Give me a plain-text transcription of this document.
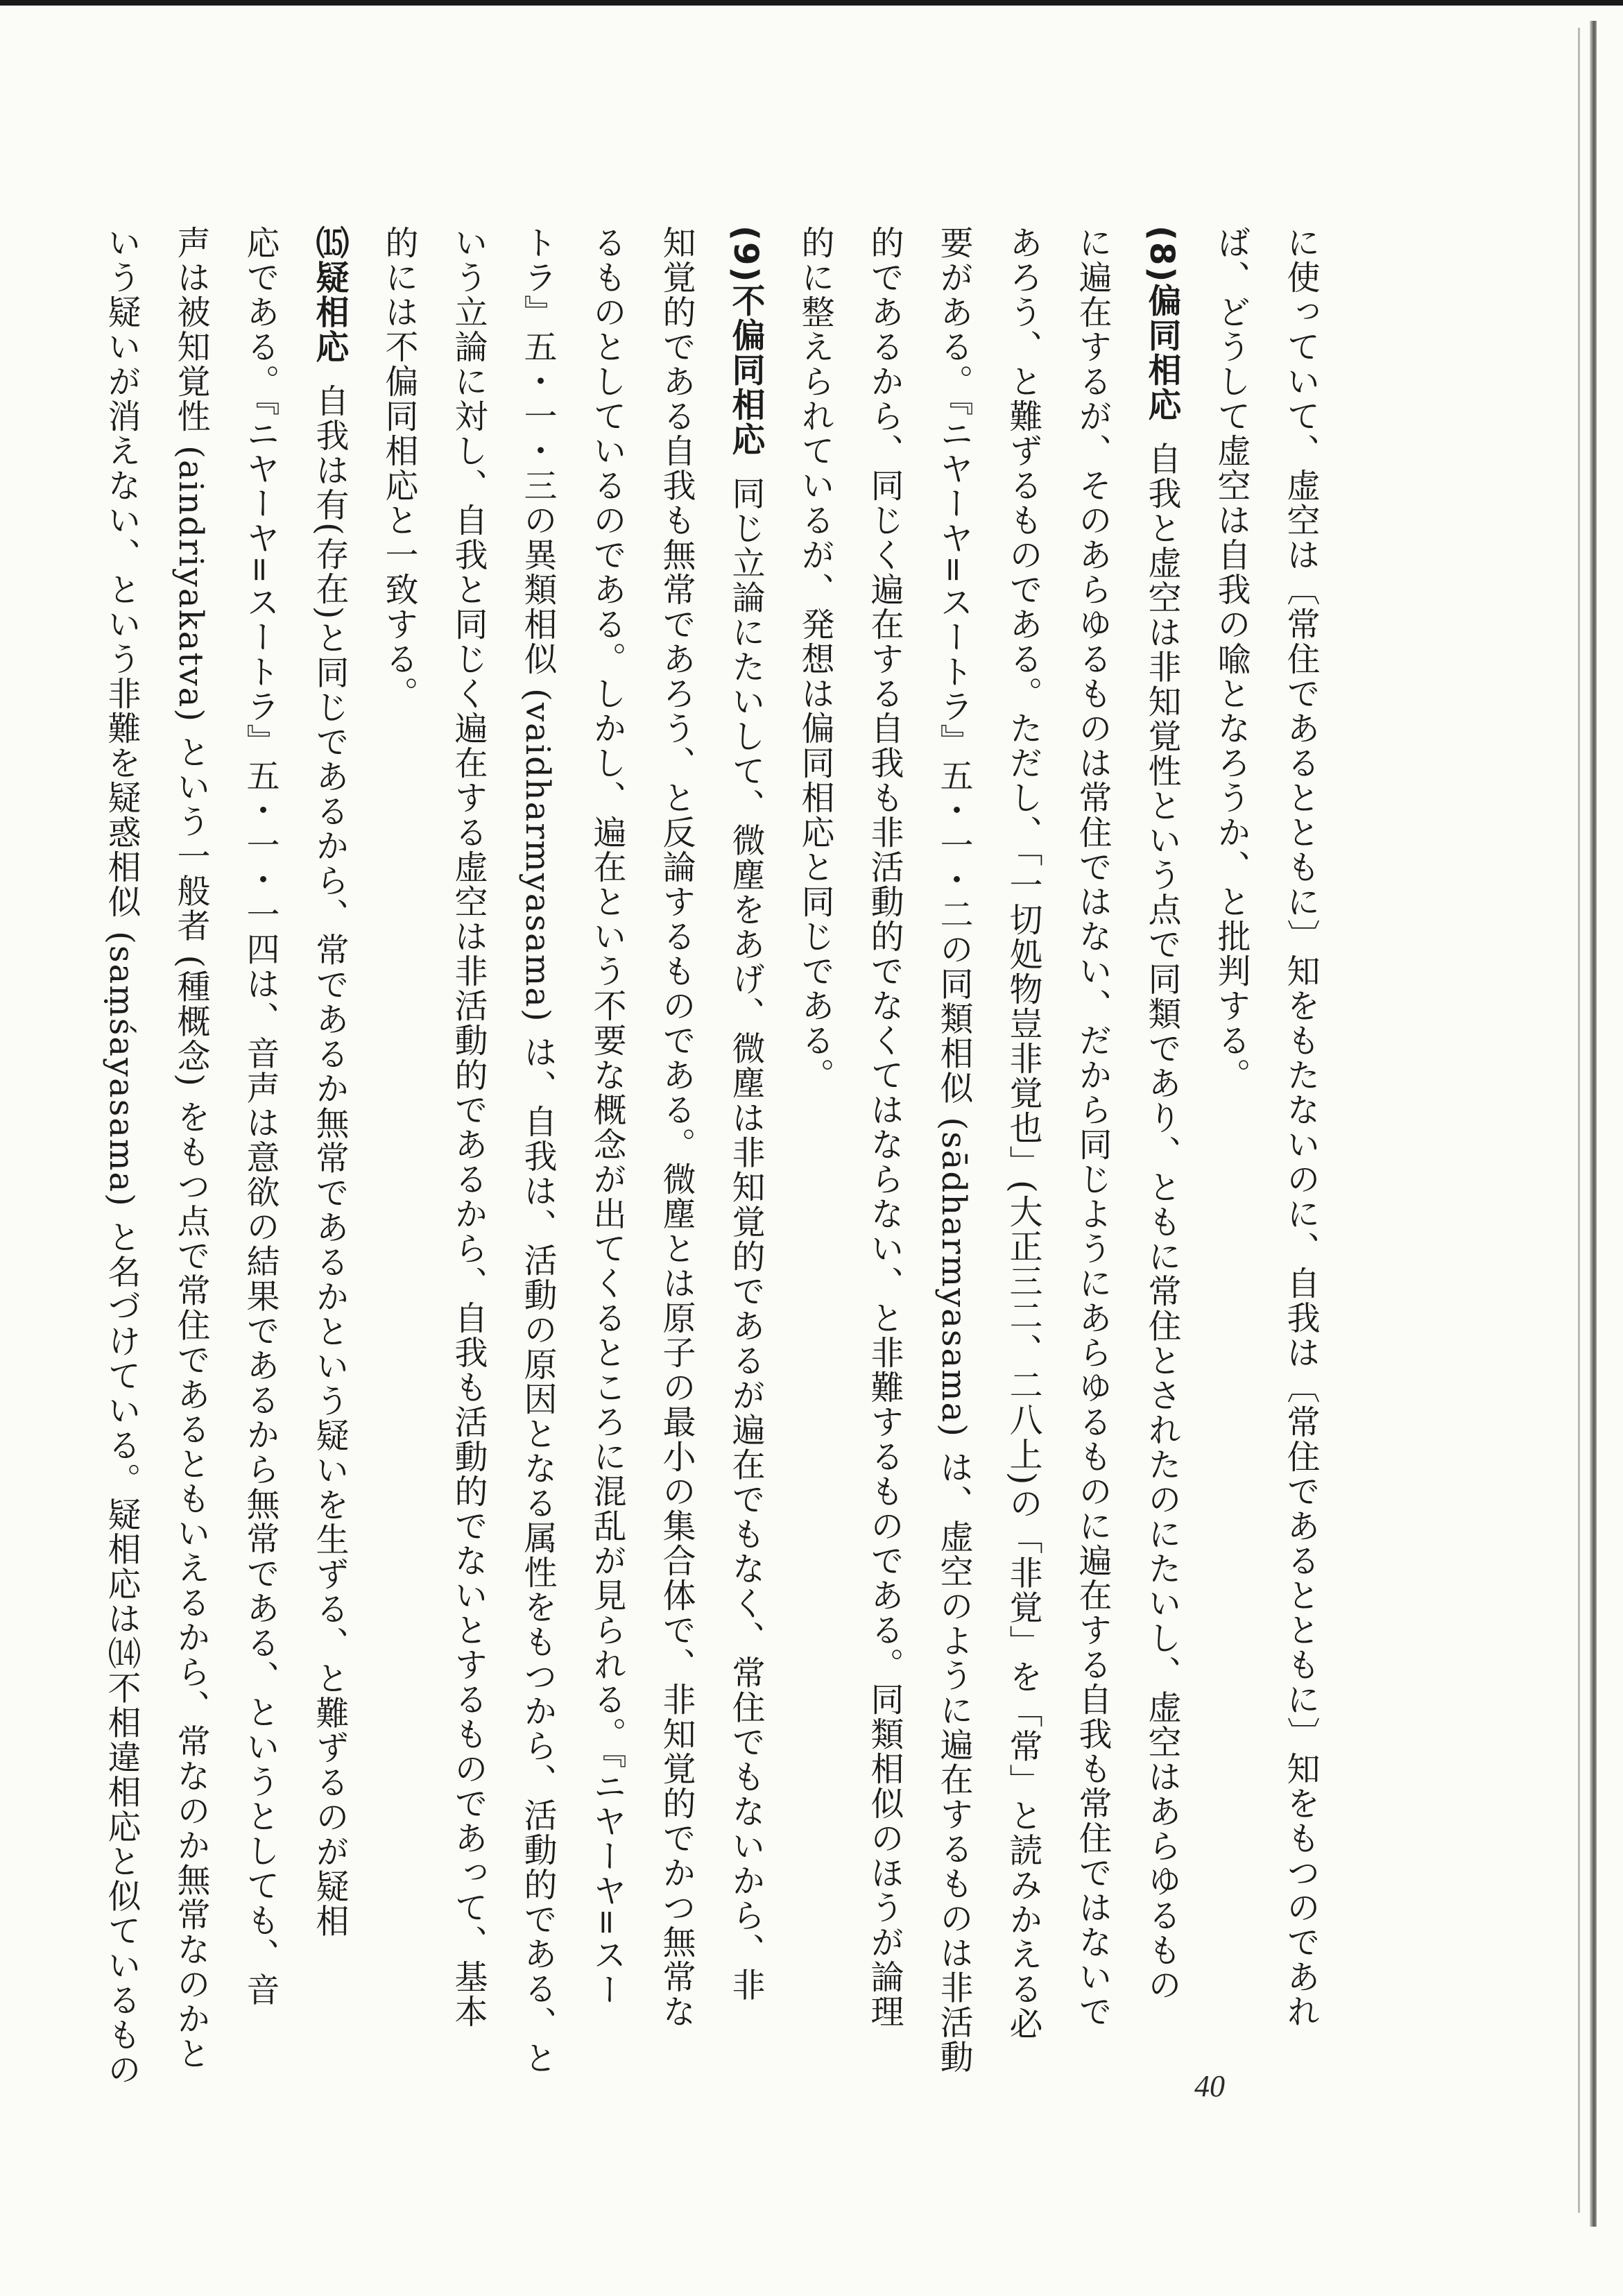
に使っていて、虚空は〔常住であるとともに〕知をもたないのに、自我は〔常住であるとともに〕知をもつのであれ
ば、どうして虚空は自我の喩となろうか、と批判する。
(8)偏同相応自我と虚空は非知覚性という点で同類であり、ともに常住とされたのにたいし、虚空はあらゆるもの
に遍在するが、そのあらゆるものは常住ではない、だから同じようにあらゆるものに遍在する自我も常住ではないで
あろう、と難ずるものである。ただし、「一切処物豈非覚也」(大正三二、二八上)の「非覚」を「常」と読みかえる必
要がある。『ニヤーヤ=スートラ』五・一・二の同類相似 (sādharmyasama) は、虚空のように遍在するものは非活動
的であるから、同じく遍在する自我も非活動的でなくてはならない、と非難するものである。同類相似のほうが論理
的に整えられているが、発想は偏同相応と同じである。
(9)不偏同相応同じ立論にたいして、微塵をあげ、微塵は非知覚的であるが遍在でもなく、常住でもないから、非
知覚的である自我も無常であろう、と反論するものである。微塵とは原子の最小の集合体で、非知覚的でかつ無常な
るものとしているのである。しかし、遍在という不要な概念が出てくるところに混乱が見られる。『ニヤーヤ=スー
トラ』五・一・三の異類相似 (vaidharmyasama) は、自我は、活動の原因となる属性をもつから、活動的である、と
いう立論に対し、自我と同じく遍在する虚空は非活動的であるから、自我も活動的でないとするものであって、基本
的には不偏同相応と一致する。
⒂疑相応自我は有(存在)と同じであるから、常であるか無常であるかという疑いを生ずる、と難ずるのが疑相
応である。『ニヤーヤ=スートラ』五・一・一四は、音声は意欲の結果であるから無常である、というとしても、音
声は被知覚性 (aindriyakatva) という一般者 (種概念) をもつ点で常住であるともいえるから、常なのか無常なのかと
いう疑いが消えない、という非難を疑惑相似 (saṃśayasama) と名づけている。疑相応は⒁不相違相応と似ているもの	40
